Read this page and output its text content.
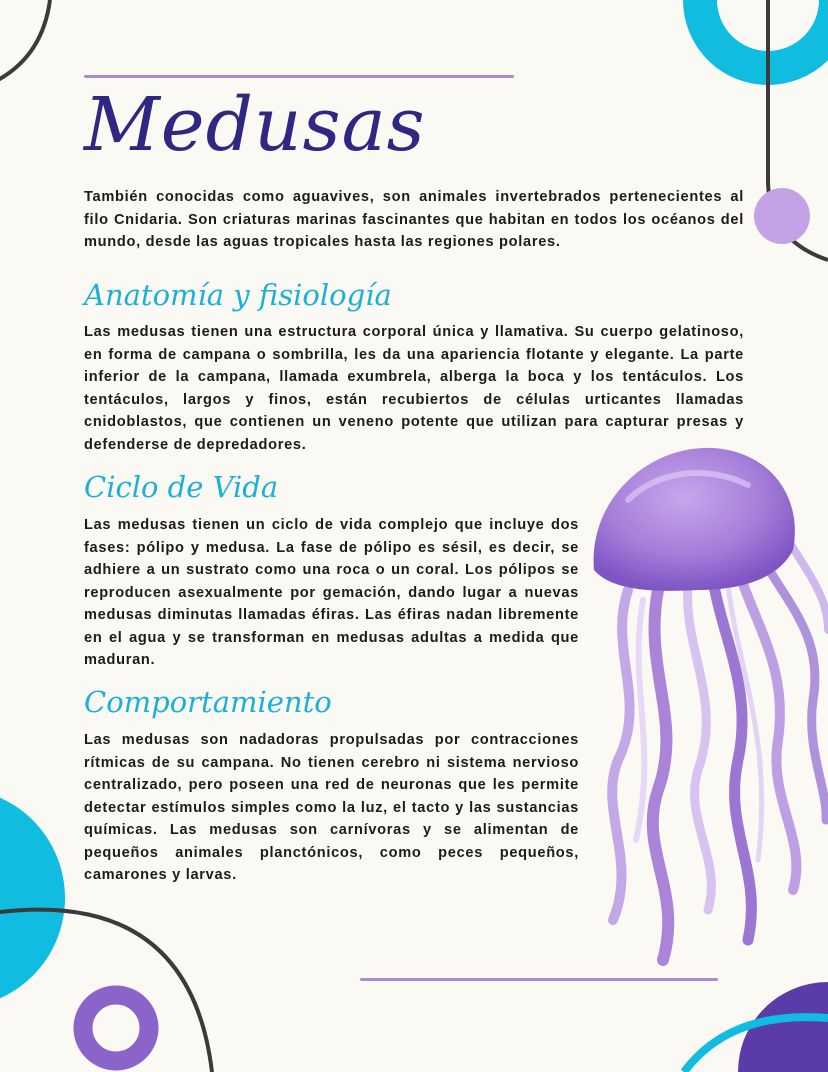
Medusas

También conocidas como aguavives, son animales invertebrados pertenecientes al filo Cnidaria. Son criaturas marinas fascinantes que habitan en todos los océanos del mundo, desde las aguas tropicales hasta las regiones polares.

Anatomía y fisiología

Las medusas tienen una estructura corporal única y llamativa. Su cuerpo gelatinoso, en forma de campana o sombrilla, les da una apariencia flotante y elegante. La parte inferior de la campana, llamada exumbrela, alberga la boca y los tentáculos. Los tentáculos, largos y finos, están recubiertos de células urticantes llamadas cnidoblastos, que contienen un veneno potente que utilizan para capturar presas y defenderse de depredadores.

Ciclo de Vida

Las medusas tienen un ciclo de vida complejo que incluye dos fases: pólipo y medusa. La fase de pólipo es sésil, es decir, se adhiere a un sustrato como una roca o un coral. Los pólipos se reproducen asexualmente por gemación, dando lugar a nuevas medusas diminutas llamadas éfiras. Las éfiras nadan libremente en el agua y se transforman en medusas adultas a medida que maduran.

Comportamiento

Las medusas son nadadoras propulsadas por contracciones rítmicas de su campana. No tienen cerebro ni sistema nervioso centralizado, pero poseen una red de neuronas que les permite detectar estímulos simples como la luz, el tacto y las sustancias químicas. Las medusas son carnívoras y se alimentan de pequeños animales planctónicos, como peces pequeños, camarones y larvas.
